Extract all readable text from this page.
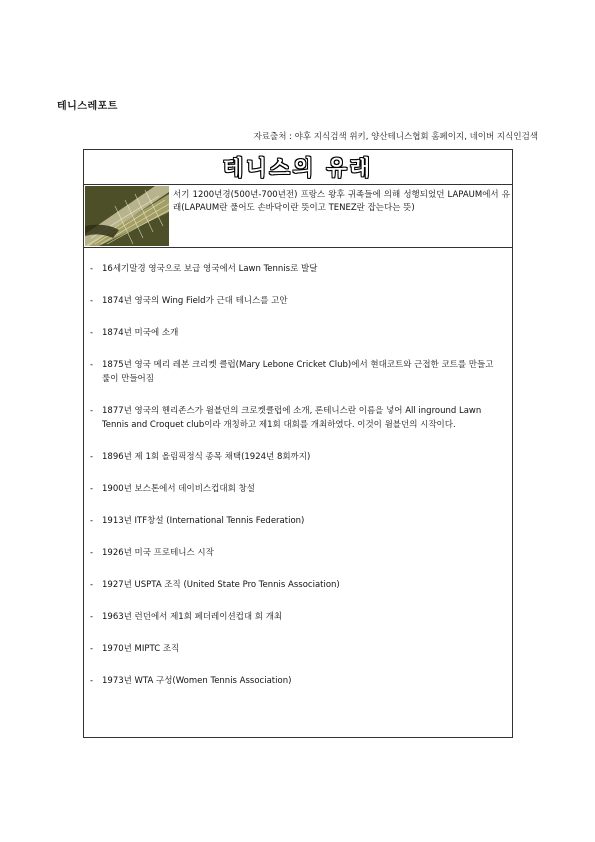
테니스레포트
자료출처 : 야후 지식검색 위키, 양산테니스협회 홈페이지, 네이버 지식인검색
테니스의 유래
서기 1200년경(500년-700년전) 프랑스 왕후 귀족들에 의해 성행되었던 LAPAUM에서 유래(LAPAUM란 풀어도 손바닥이란 뜻이고 TENEZ란 잡는다는 뜻)
-	16세기말경 영국으로 보급 영국에서 Lawn Tennis로 발달
-	1874년 영국의 Wing Field가 근대 테니스를 고안
-	1874년 미국에 소개
-	1875년 영국 메리 레본 크리켓 클럽(Mary Lebone Cricket Club)에서 현대코트와 근접한 코트를 만들고 룰이 만들어짐
-	1877년 영국의 헨리존스가 윔블던의 크로켓클럽에 소개, 론테니스란 이름을 넣어 All inground Lawn Tennis and Croquet club이라 개칭하고 제1회 대회를 개최하였다. 이것이 윔블던의 시작이다.
-	1896년 제 1회 올림픽정식 종목 채택(1924년 8회까지)
-	1900년 보스톤에서 데이비스컵대회 창설
-	1913년 ITF창설 (International Tennis Federation)
-	1926년 미국 프로테니스 시작
-	1927년 USPTA 조직 (United State Pro Tennis Association)
-	1963년 런던에서 제1회 페더레이션컵대 회 개최
-	1970년 MIPTC 조직
-	1973년 WTA 구성(Women Tennis Association)
